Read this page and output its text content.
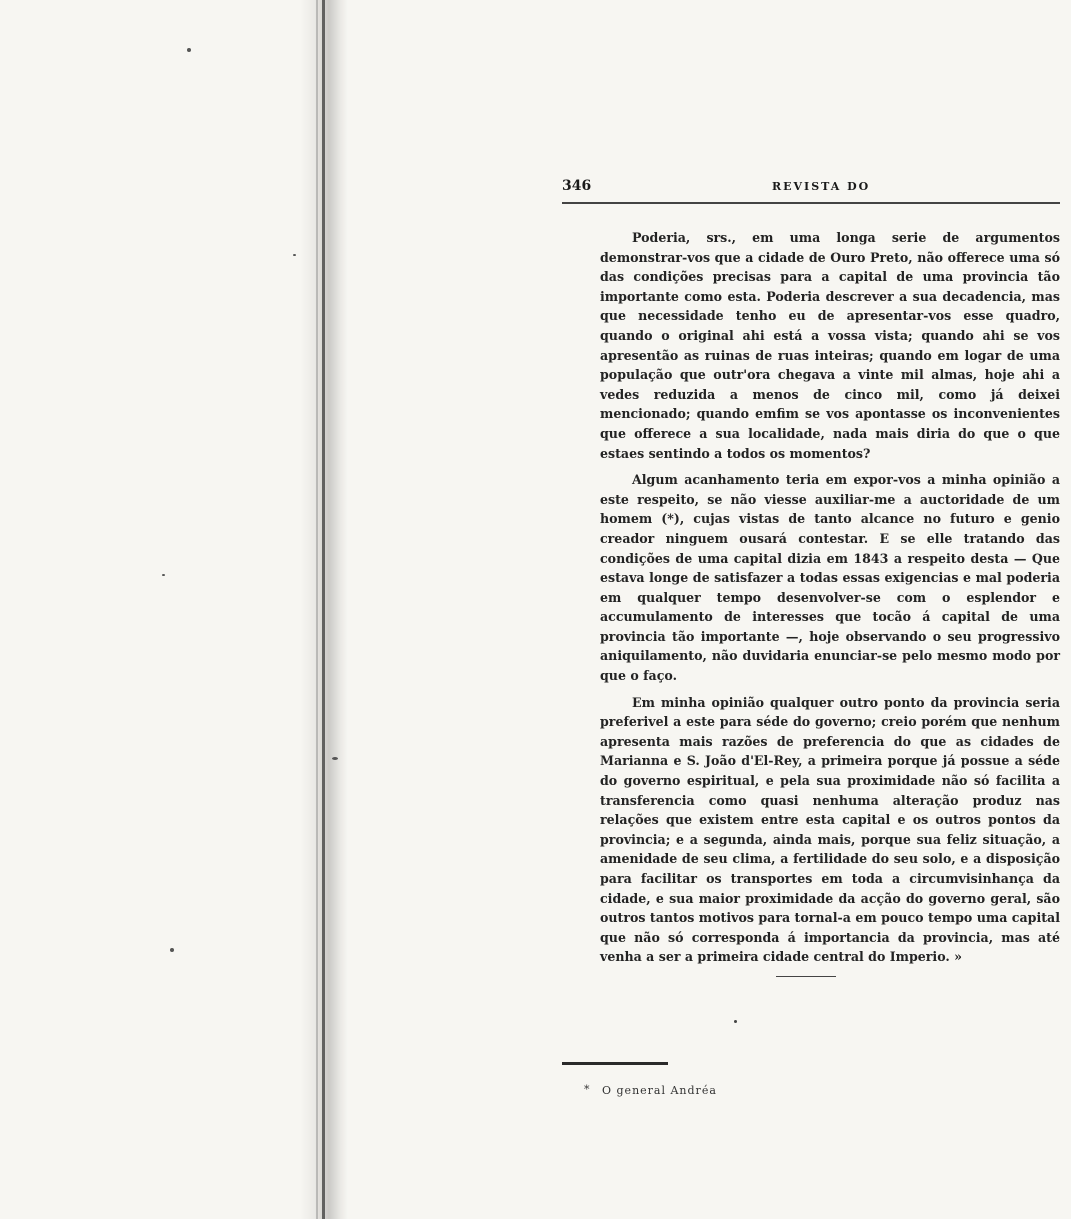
346	REVISTA DO

Poderia, srs., em uma longa serie de argumentos demonstrar-vos que a cidade de Ouro Preto, não offerece uma só das condições precisas para a capital de uma provincia tão importante como esta. Poderia descrever a sua decadencia, mas que necessidade tenho eu de apresentar-vos esse quadro, quando o original ahi está a vossa vista; quando ahi se vos apresentão as ruinas de ruas inteiras; quando em logar de uma população que outr'ora chegava a vinte mil almas, hoje ahi a vedes reduzida a menos de cinco mil, como já deixei mencionado; quando emfim se vos apontasse os inconvenientes que offerece a sua localidade, nada mais diria do que o que estaes sentindo a todos os momentos?

Algum acanhamento teria em expor-vos a minha opinião a este respeito, se não viesse auxiliar-me a auctoridade de um homem (*), cujas vistas de tanto alcance no futuro e genio creador ninguem ousará contestar. E se elle tratando das condições de uma capital dizia em 1843 a respeito desta — Que estava longe de satisfazer a todas essas exigencias e mal poderia em qualquer tempo desenvolver-se com o esplendor e accumulamento de interesses que tocão á capital de uma provincia tão importante —, hoje observando o seu progressivo aniquilamento, não duvidaria enunciar-se pelo mesmo modo por que o faço.

Em minha opinião qualquer outro ponto da provincia seria preferivel a este para séde do governo; creio porém que nenhum apresenta mais razões de preferencia do que as cidades de Marianna e S. João d'El-Rey, a primeira porque já possue a séde do governo espiritual, e pela sua proximidade não só facilita a transferencia como quasi nenhuma alteração produz nas relações que existem entre esta capital e os outros pontos da provincia; e a segunda, ainda mais, porque sua feliz situação, a amenidade de seu clima, a fertilidade do seu solo, e a disposição para facilitar os transportes em toda a circumvisinhança da cidade, e sua maior proximidade da acção do governo geral, são outros tantos motivos para tornal-a em pouco tempo uma capital que não só corresponda á importancia da provincia, mas até venha a ser a primeira cidade central do Imperio. »

* O general Andréa
